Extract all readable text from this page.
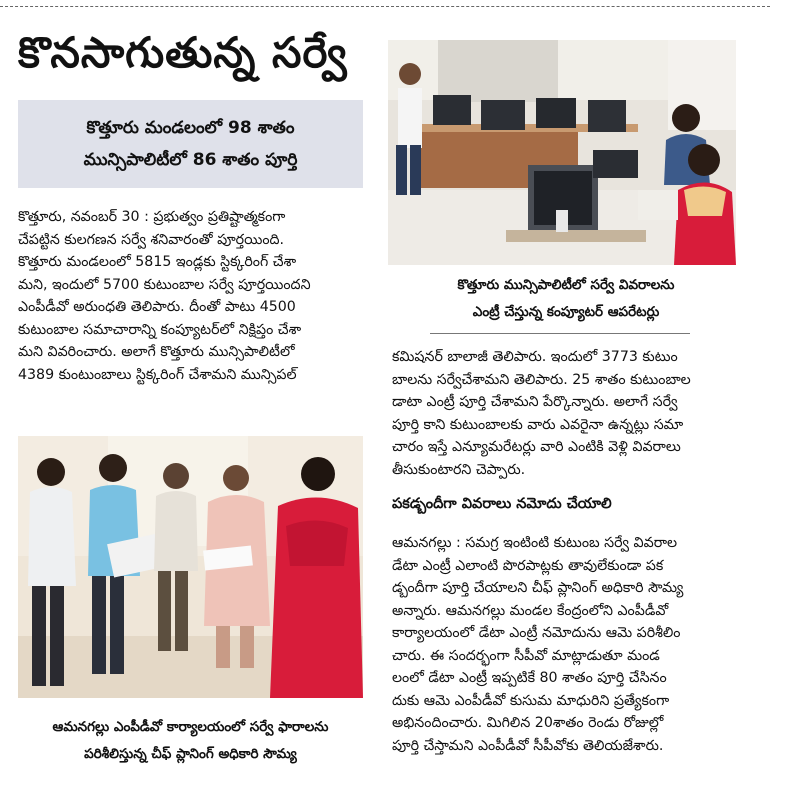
కొనసాగుతున్న సర్వే
కొత్తూరు మండలంలో 98 శాతం
మున్సిపాలిటీలో 86 శాతం పూర్తి
కొత్తూరు, నవంబర్ 30 : ప్రభుత్వం ప్రతిష్టాత్మకంగా
చేపట్టిన కులగణన సర్వే శనివారంతో పూర్తయింది.
కొత్తూరు మండలంలో 5815 ఇండ్లకు స్టిక్కరింగ్ చేశా
మని, ఇందులో 5700 కుటుంబాల సర్వే పూర్తయిందని
ఎంపీడీవో అరుంధతి తెలిపారు. దీంతో పాటు 4500
కుటుంబాల సమాచారాన్ని కంప్యూటర్‌లో నిక్షిప్తం చేశా
మని వివరించారు. అలాగే కొత్తూరు మున్సిపాలిటీలో
4389 కుంటుంబాలు స్టిక్కరింగ్ చేశామని మున్సిపల్
కొత్తూరు మున్సిపాలిటీలో సర్వే వివరాలను
ఎంట్రీ చేస్తున్న కంప్యూటర్ ఆపరేటర్లు
కమిషనర్ బాలాజీ తెలిపారు. ఇందులో 3773 కుటుం
బాలను సర్వేచేశామని తెలిపారు. 25 శాతం కుటుంబాల
డాటా ఎంట్రీ పూర్తి చేశామని పేర్కొన్నారు. అలాగే సర్వే
పూర్తి కాని కుటుంబాలకు వారు ఎవరైనా ఉన్నట్లు సమా
చారం ఇస్తే ఎన్యూమరేటర్లు వారి ఎంటికి వెళ్లి వివరాలు
తీసుకుంటారని చెప్పారు.
పకడ్బందీగా వివరాలు నమోదు చేయాలి
ఆమనగల్లు : సమగ్ర ఇంటింటి కుటుంబ సర్వే వివరాల
డేటా ఎంట్రీ ఎలాంటి పొరపాట్లకు తావులేకుండా పక
డ్బందీగా పూర్తి చేయాలని చీఫ్ ప్లానింగ్ అధికారి సౌమ్య
అన్నారు. ఆమనగల్లు మండల కేంద్రంలోని ఎంపీడీవో
కార్యాలయంలో డేటా ఎంట్రీ నమోదును ఆమె పరిశీలిం
చారు. ఈ సందర్భంగా సీపీవో మాట్లాడుతూ మండ
లంలో డేటా ఎంట్రీ ఇప్పటికే 80 శాతం పూర్తి చేసినం
దుకు ఆమె ఎంపీడీవో కుసుమ మాధురిని ప్రత్యేకంగా
అభినందించారు. మిగిలిన 20శాతం రెండు రోజుల్లో
పూర్తి చేస్తామని ఎంపీడీవో సీపీవోకు తెలియజేశారు.
ఆమనగల్లు ఎంపీడీవో కార్యాలయంలో సర్వే ఫారాలను
పరిశీలిస్తున్న చీఫ్ ప్లానింగ్ అధికారి సౌమ్య
